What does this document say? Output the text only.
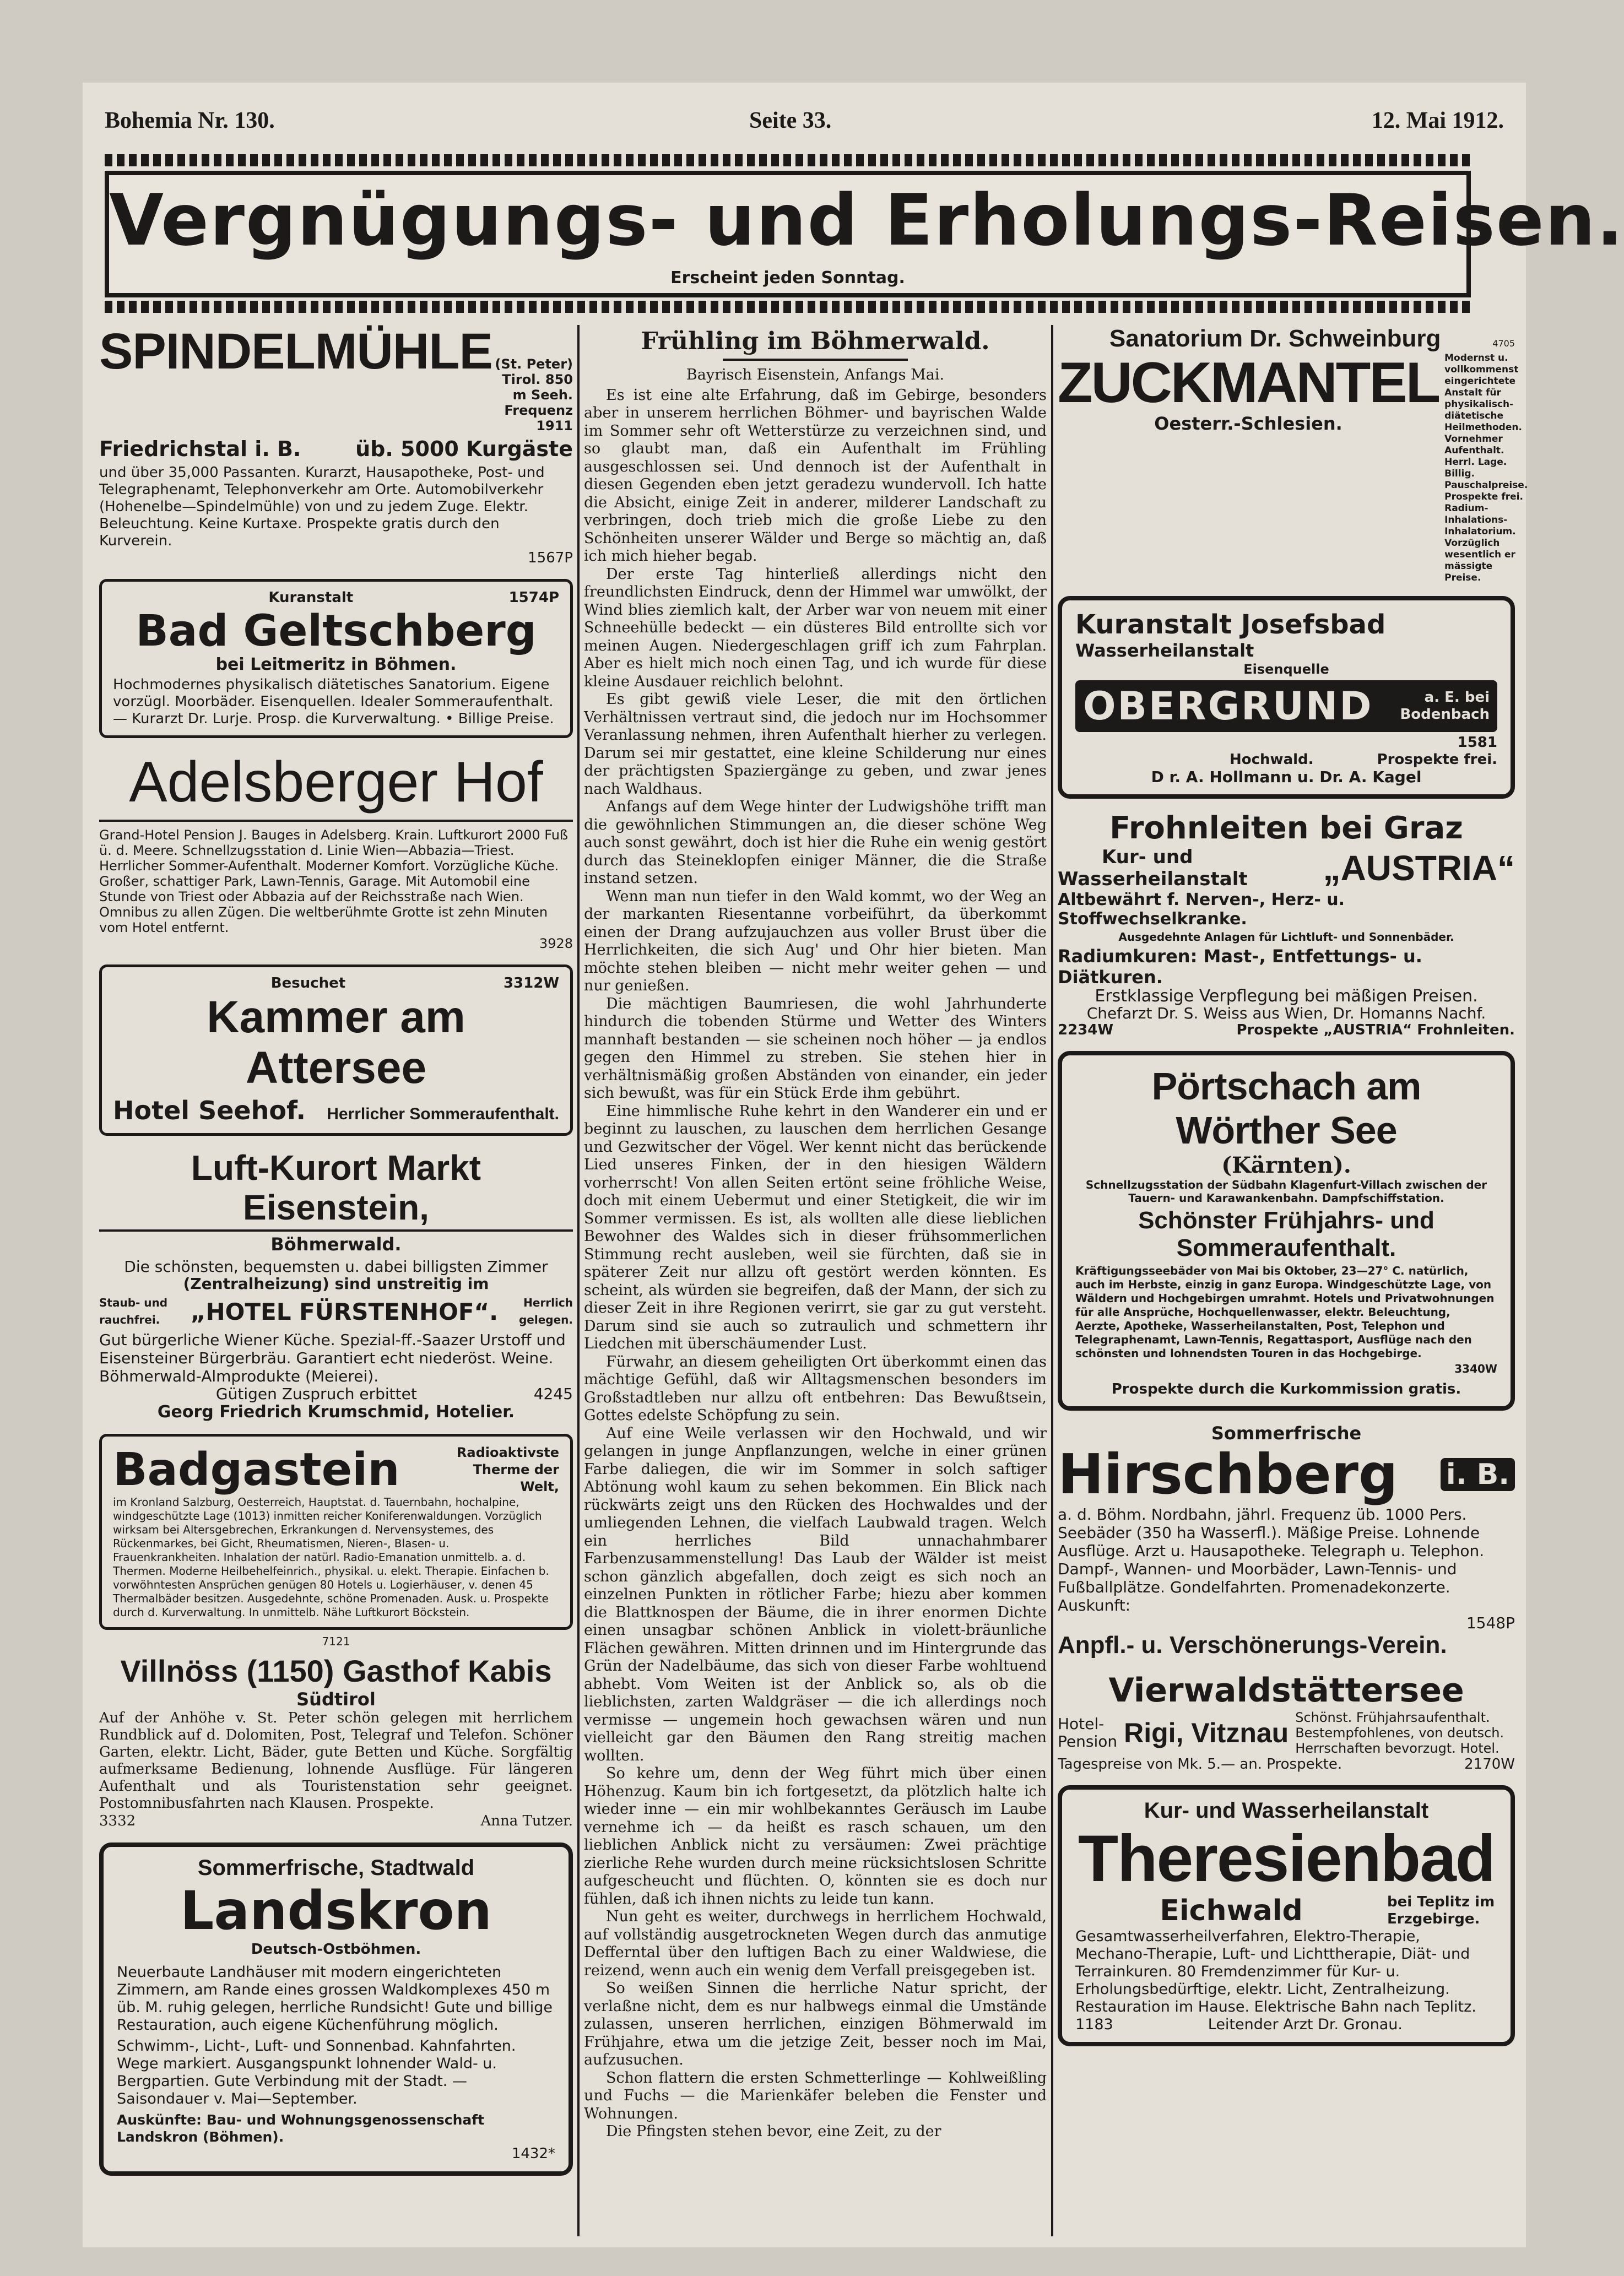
Bohemia Nr. 130.	Seite 33.	12. Mai 1912.
Vergnügungs- und Erholungs-Reisen.
Erscheint jeden Sonntag.
SPINDELMÜHLE (St. Peter)
Tirol. 850 m Seeh.
Frequenz 1911
Friedrichstal i. B.	üb. 5000 Kurgäste
und über 35,000 Passanten. Kurarzt, Hausapotheke, Post- und Telegraphenamt, Telephonverkehr am Orte. Automobilverkehr (Hohenelbe—Spindelmühle) von und zu jedem Zuge. Elektr. Beleuchtung. Keine Kurtaxe. Prospekte gratis durch den Kurverein.
1567P
Kuranstalt	1574P
Bad Geltschberg
bei Leitmeritz in Böhmen.
Hochmodernes physikalisch diätetisches Sanatorium. Eigene vorzügl. Moorbäder. Eisenquellen. Idealer Sommeraufenthalt. — Kurarzt Dr. Lurje. Prosp. die Kurverwaltung. • Billige Preise.
Adelsberger Hof
Grand-Hotel Pension J. Bauges in Adelsberg. Krain. Luftkurort 2000 Fuß ü. d. Meere. Schnellzugsstation d. Linie Wien—Abbazia—Triest. Herrlicher Sommer-Aufenthalt. Moderner Komfort. Vorzügliche Küche. Großer, schattiger Park, Lawn-Tennis, Garage. Mit Automobil eine Stunde von Triest oder Abbazia auf der Reichsstraße nach Wien. Omnibus zu allen Zügen. Die weltberühmte Grotte ist zehn Minuten vom Hotel entfernt.
3928
Besuchet	3312W
Kammer am Attersee
Hotel Seehof. Herrlicher Sommeraufenthalt.
Luft-Kurort Markt Eisenstein,
Böhmerwald.
Die schönsten, bequemsten u. dabei billigsten Zimmer
(Zentralheizung) sind unstreitig im
Staub- und rauchfrei.	„HOTEL FÜRSTENHOF“.	Herrlich gelegen.
Gut bürgerliche Wiener Küche. Spezial-ff.-Saazer Urstoff und Eisensteiner Bürgerbräu. Garantiert echt niederöst. Weine. Böhmerwald-Almprodukte (Meierei).
Gütigen Zuspruch erbittet	4245
Georg Friedrich Krumschmid, Hotelier.
Badgastein	Radioaktivste Therme der Welt,
im Kronland Salzburg, Oesterreich, Hauptstat. d. Tauernbahn, hochalpine, windgeschützte Lage (1013) inmitten reicher Koniferenwaldungen. Vorzüglich wirksam bei Altersgebrechen, Erkrankungen d. Nervensystemes, des Rückenmarkes, bei Gicht, Rheumatismen, Nieren-, Blasen- u. Frauenkrankheiten. Inhalation der natürl. Radio-Emanation unmittelb. a. d. Thermen. Moderne Heilbehelfeinrich., physikal. u. elekt. Therapie. Einfachen b. vorwöhntesten Ansprüchen genügen 80 Hotels u. Logierhäuser, v. denen 45 Thermalbäder besitzen. Ausgedehnte, schöne Promenaden. Ausk. u. Prospekte durch d. Kurverwaltung. In unmittelb. Nähe Luftkurort Böckstein.
7121
Villnöss (1150) Gasthof Kabis
Südtirol
Auf der Anhöhe v. St. Peter schön gelegen mit herrlichem Rundblick auf d. Dolomiten, Post, Telegraf und Telefon. Schöner Garten, elektr. Licht, Bäder, gute Betten und Küche. Sorgfältig aufmerksame Bedienung, lohnende Ausflüge. Für längeren Aufenthalt und als Touristenstation sehr geeignet. Postomnibusfahrten nach Klausen. Prospekte.
3332	Anna Tutzer.
Sommerfrische, Stadtwald
Landskron
Deutsch-Ostböhmen.
Neuerbaute Landhäuser mit modern eingerichteten Zimmern, am Rande eines grossen Waldkomplexes 450 m üb. M. ruhig gelegen, herrliche Rundsicht! Gute und billige Restauration, auch eigene Küchenführung möglich.
Schwimm-, Licht-, Luft- und Sonnenbad. Kahnfahrten. Wege markiert. Ausgangspunkt lohnender Wald- u. Bergpartien. Gute Verbindung mit der Stadt. — Saisondauer v. Mai—September.
Auskünfte: Bau- und Wohnungsgenossenschaft Landskron (Böhmen).
1432*
Frühling im Böhmerwald.
Bayrisch Eisenstein, Anfangs Mai.

Es ist eine alte Erfahrung, daß im Gebirge, besonders aber in unserem herrlichen Böhmer- und bayrischen Walde im Sommer sehr oft Wetterstürze zu verzeichnen sind, und so glaubt man, daß ein Aufenthalt im Frühling ausgeschlossen sei. Und dennoch ist der Aufenthalt in diesen Gegenden eben jetzt geradezu wundervoll. Ich hatte die Absicht, einige Zeit in anderer, milderer Landschaft zu verbringen, doch trieb mich die große Liebe zu den Schönheiten unserer Wälder und Berge so mächtig an, daß ich mich hieher begab.

Der erste Tag hinterließ allerdings nicht den freundlichsten Eindruck, denn der Himmel war umwölkt, der Wind blies ziemlich kalt, der Arber war von neuem mit einer Schneehülle bedeckt — ein düsteres Bild entrollte sich vor meinen Augen. Niedergeschlagen griff ich zum Fahrplan. Aber es hielt mich noch einen Tag, und ich wurde für diese kleine Ausdauer reichlich belohnt.

Es gibt gewiß viele Leser, die mit den örtlichen Verhältnissen vertraut sind, die jedoch nur im Hochsommer Veranlassung nehmen, ihren Aufenthalt hierher zu verlegen. Darum sei mir gestattet, eine kleine Schilderung nur eines der prächtigsten Spaziergänge zu geben, und zwar jenes nach Waldhaus.

Anfangs auf dem Wege hinter der Ludwigshöhe trifft man die gewöhnlichen Stimmungen an, die dieser schöne Weg auch sonst gewährt, doch ist hier die Ruhe ein wenig gestört durch das Steineklopfen einiger Männer, die die Straße instand setzen.

Wenn man nun tiefer in den Wald kommt, wo der Weg an der markanten Riesentanne vorbeiführt, da überkommt einen der Drang aufzujauchzen aus voller Brust über die Herrlichkeiten, die sich Aug' und Ohr hier bieten. Man möchte stehen bleiben — nicht mehr weiter gehen — und nur genießen.

Die mächtigen Baumriesen, die wohl Jahrhunderte hindurch die tobenden Stürme und Wetter des Winters mannhaft bestanden — sie scheinen noch höher — ja endlos gegen den Himmel zu streben. Sie stehen hier in verhältnismäßig großen Abständen von einander, ein jeder sich bewußt, was für ein Stück Erde ihm gebührt.

Eine himmlische Ruhe kehrt in den Wanderer ein und er beginnt zu lauschen, zu lauschen dem herrlichen Gesange und Gezwitscher der Vögel. Wer kennt nicht das berückende Lied unseres Finken, der in den hiesigen Wäldern vorherrscht! Von allen Seiten ertönt seine fröhliche Weise, doch mit einem Uebermut und einer Stetigkeit, die wir im Sommer vermissen. Es ist, als wollten alle diese lieblichen Bewohner des Waldes sich in dieser frühsommerlichen Stimmung recht ausleben, weil sie fürchten, daß sie in späterer Zeit nur allzu oft gestört werden könnten. Es scheint, als würden sie begreifen, daß der Mann, der sich zu dieser Zeit in ihre Regionen verirrt, sie gar zu gut versteht. Darum sind sie auch so zutraulich und schmettern ihr Liedchen mit überschäumender Lust.

Fürwahr, an diesem geheiligten Ort überkommt einen das mächtige Gefühl, daß wir Alltagsmenschen besonders im Großstadtleben nur allzu oft entbehren: Das Bewußtsein, Gottes edelste Schöpfung zu sein.

Auf eine Weile verlassen wir den Hochwald, und wir gelangen in junge Anpflanzungen, welche in einer grünen Farbe daliegen, die wir im Sommer in solch saftiger Abtönung wohl kaum zu sehen bekommen. Ein Blick nach rückwärts zeigt uns den Rücken des Hochwaldes und der umliegenden Lehnen, die vielfach Laubwald tragen. Welch ein herrliches Bild unnachahmbarer Farbenzusammenstellung! Das Laub der Wälder ist meist schon gänzlich abgefallen, doch zeigt es sich noch an einzelnen Punkten in rötlicher Farbe; hiezu aber kommen die Blattknospen der Bäume, die in ihrer enormen Dichte einen unsagbar schönen Anblick in violett-bräunliche Flächen gewähren. Mitten drinnen und im Hintergrunde das Grün der Nadelbäume, das sich von dieser Farbe wohltuend abhebt. Vom Weiten ist der Anblick so, als ob die lieblichsten, zarten Waldgräser — die ich allerdings noch vermisse — ungemein hoch gewachsen wären und nun vielleicht gar den Bäumen den Rang streitig machen wollten.

So kehre um, denn der Weg führt mich über einen Höhenzug. Kaum bin ich fortgesetzt, da plötzlich halte ich wieder inne — ein mir wohlbekanntes Geräusch im Laube vernehme ich — da heißt es rasch schauen, um den lieblichen Anblick nicht zu versäumen: Zwei prächtige zierliche Rehe wurden durch meine rücksichtslosen Schritte aufgescheucht und flüchten. O, könnten sie es doch nur fühlen, daß ich ihnen nichts zu leide tun kann.

Nun geht es weiter, durchwegs in herrlichem Hochwald, auf vollständig ausgetrockneten Wegen durch das anmutige Defferntal über den luftigen Bach zu einer Waldwiese, die reizend, wenn auch ein wenig dem Verfall preisgegeben ist.

So weißen Sinnen die herrliche Natur spricht, der verlaßne nicht, dem es nur halbwegs einmal die Umstände zulassen, unseren herrlichen, einzigen Böhmerwald im Frühjahre, etwa um die jetzige Zeit, besser noch im Mai, aufzusuchen.

Schon flattern die ersten Schmetterlinge — Kohlweißling und Fuchs — die Marienkäfer beleben die Fenster und Wohnungen.

Die Pfingsten stehen bevor, eine Zeit, zu der

Sanatorium Dr. Schweinburg	4705
ZUCKMANTEL
Oesterr.-Schlesien.
Modernst u. vollkommenst eingerichtete Anstalt für physikalisch-diätetische Heilmethoden. Vornehmer Aufenthalt. Herrl. Lage. Billig. Pauschalpreise. Prospekte frei. Radium-Inhalations-Inhalatorium. Vorzüglich wesentlich er mässigte Preise.
Kuranstalt Josefsbad
Wasserheilanstalt
Eisenquelle
OBERGRUND	a. E. bei Bodenbach
1581
Hochwald.	Prospekte frei.
D r. A. Hollmann u. Dr. A. Kagel
Frohnleiten bei Graz
Kur- und
Wasserheilanstalt „AUSTRIA“
Altbewährt f. Nerven-, Herz- u. Stoffwechselkranke.
Ausgedehnte Anlagen für Lichtluft- und Sonnenbäder.
Radiumkuren: Mast-, Entfettungs- u. Diätkuren.
Erstklassige Verpflegung bei mäßigen Preisen.
Chefarzt Dr. S. Weiss aus Wien, Dr. Homanns Nachf.
2234W	Prospekte „AUSTRIA“ Frohnleiten.
Pörtschach am Wörther See
(Kärnten).
Schnellzugsstation der Südbahn Klagenfurt-Villach zwischen der Tauern- und Karawankenbahn. Dampfschiffstation.
Schönster Frühjahrs- und Sommeraufenthalt.
Kräftigungsseebäder von Mai bis Oktober, 23—27° C. natürlich, auch im Herbste, einzig in ganz Europa. Windgeschützte Lage, von Wäldern und Hochgebirgen umrahmt. Hotels und Privatwohnungen für alle Ansprüche, Hochquellenwasser, elektr. Beleuchtung, Aerzte, Apotheke, Wasserheilanstalten, Post, Telephon und Telegraphenamt, Lawn-Tennis, Regattasport, Ausflüge nach den schönsten und lohnendsten Touren in das Hochgebirge.
3340W
Prospekte durch die Kurkommission gratis.
Sommerfrische
Hirschberg i. B.
a. d. Böhm. Nordbahn, jährl. Frequenz üb. 1000 Pers. Seebäder (350 ha Wasserfl.). Mäßige Preise. Lohnende Ausflüge. Arzt u. Hausapotheke. Telegraph u. Telephon. Dampf-, Wannen- und Moorbäder, Lawn-Tennis- und Fußballplätze. Gondelfahrten. Promenadekonzerte. Auskunft:
1548P
Anpfl.- u. Verschönerungs-Verein.
Vierwaldstättersee
Hotel-
Pension Rigi, Vitznau Schönst. Frühjahrsaufenthalt. Bestempfohlenes, von deutsch. Herrschaften bevorzugt. Hotel.
Tagespreise von Mk. 5.— an. Prospekte.	2170W
Kur- und Wasserheilanstalt
Theresienbad
Eichwald	bei Teplitz im Erzgebirge.
Gesamtwasserheilverfahren, Elektro-Therapie, Mechano-Therapie, Luft- und Lichttherapie, Diät- und Terrainkuren. 80 Fremdenzimmer für Kur- u. Erholungsbedürftige, elektr. Licht, Zentralheizung. Restauration im Hause. Elektrische Bahn nach Teplitz.
1183	Leitender Arzt Dr. Gronau.
